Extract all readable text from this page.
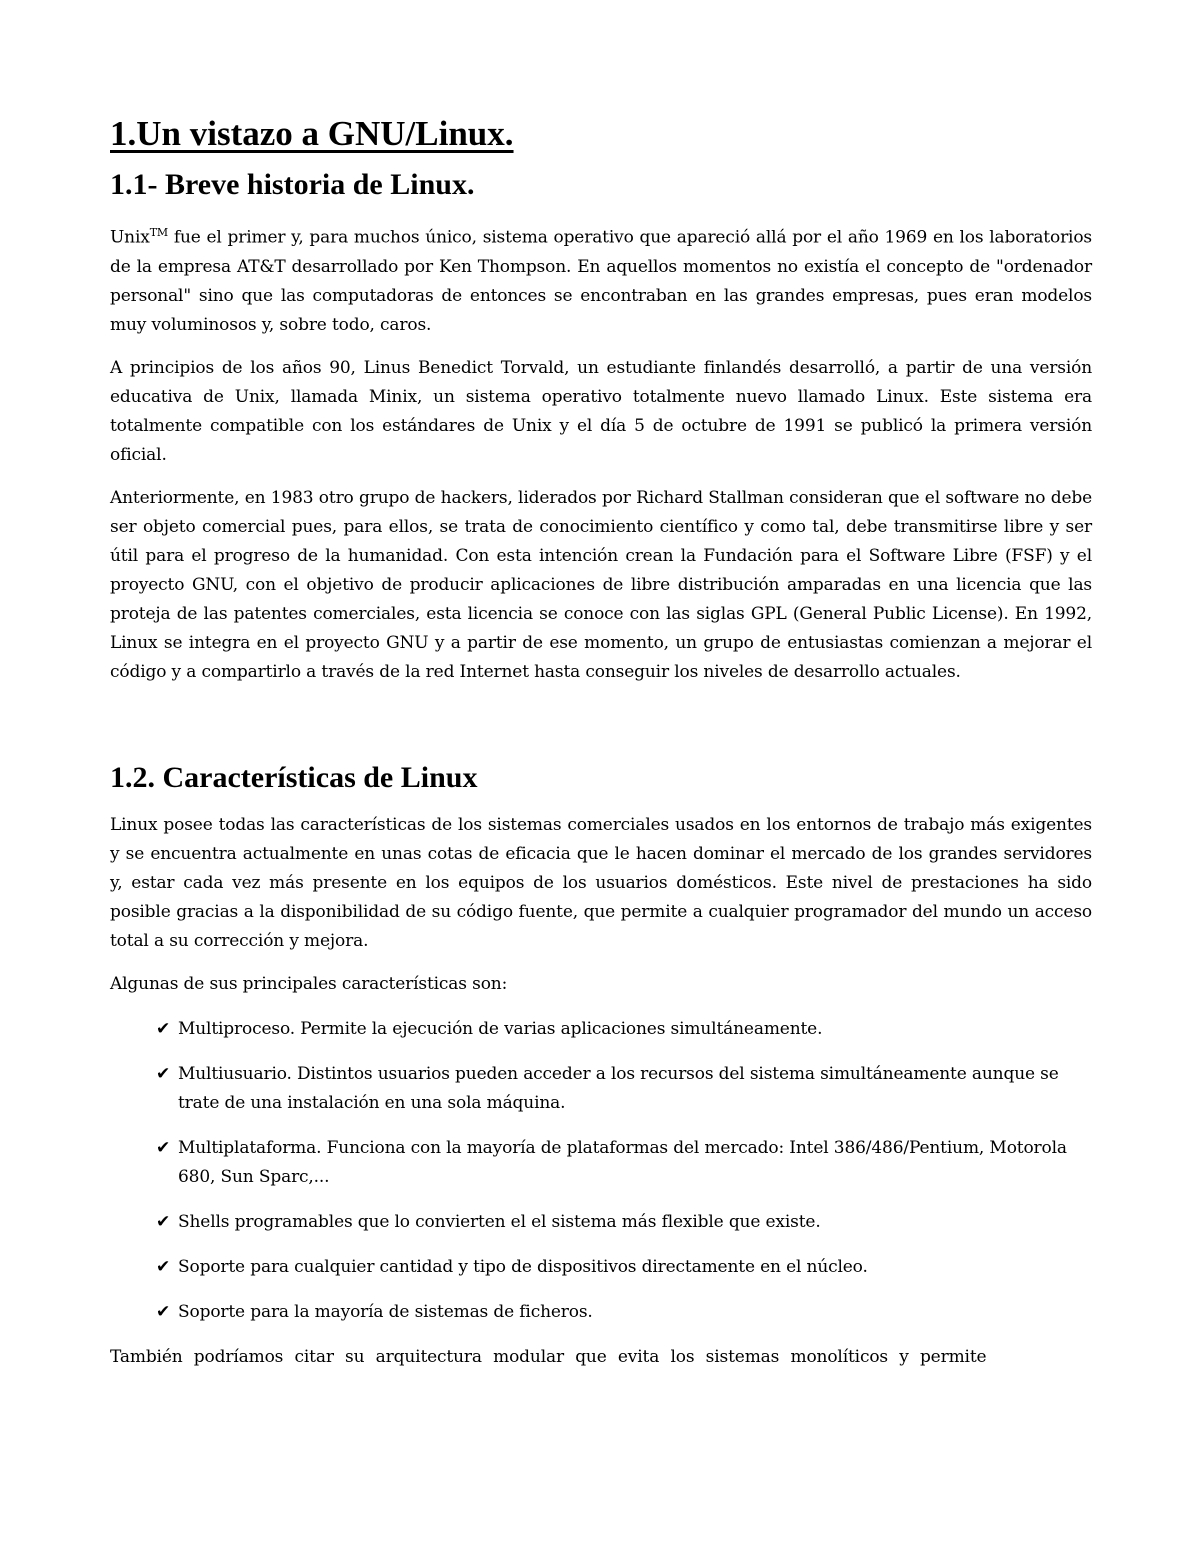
1.Un vistazo a GNU/Linux.
1.1- Breve historia de Linux.

Unix™ fue el primer y, para muchos único, sistema operativo que apareció allá por el año 1969 en los laboratorios de la empresa AT&T desarrollado por Ken Thompson. En aquellos momentos no existía el concepto de "ordenador personal" sino que las computadoras de entonces se encontraban en las grandes empresas, pues eran modelos muy voluminosos y, sobre todo, caros.

A principios de los años 90, Linus Benedict Torvald, un estudiante finlandés desarrolló, a partir de una versión educativa de Unix, llamada Minix, un sistema operativo totalmente nuevo llamado Linux. Este sistema era totalmente compatible con los estándares de Unix y el día 5 de octubre de 1991 se publicó la primera versión oficial.

Anteriormente, en 1983 otro grupo de hackers, liderados por Richard Stallman consideran que el software no debe ser objeto comercial pues, para ellos, se trata de conocimiento científico y como tal, debe transmitirse libre y ser útil para el progreso de la humanidad. Con esta intención crean la Fundación para el Software Libre (FSF) y el proyecto GNU, con el objetivo de producir aplicaciones de libre distribución amparadas en una licencia que las proteja de las patentes comerciales, esta licencia se conoce con las siglas GPL (General Public License). En 1992, Linux se integra en el proyecto GNU y a partir de ese momento, un grupo de entusiastas comienzan a mejorar el código y a compartirlo a través de la red Internet hasta conseguir los niveles de desarrollo actuales.

1.2. Características de Linux

Linux posee todas las características de los sistemas comerciales usados en los entornos de trabajo más exigentes y se encuentra actualmente en unas cotas de eficacia que le hacen dominar el mercado de los grandes servidores y, estar cada vez más presente en los equipos de los usuarios domésticos. Este nivel de prestaciones ha sido posible gracias a la disponibilidad de su código fuente, que permite a cualquier programador del mundo un acceso total a su corrección y mejora.

Algunas de sus principales características son:

✔ Multiproceso. Permite la ejecución de varias aplicaciones simultáneamente.
✔ Multiusuario. Distintos usuarios pueden acceder a los recursos del sistema simultáneamente aunque se trate de una instalación en una sola máquina.
✔ Multiplataforma. Funciona con la mayoría de plataformas del mercado: Intel 386/486/Pentium, Motorola 680, Sun Sparc,...
✔ Shells programables que lo convierten el el sistema más flexible que existe.
✔ Soporte para cualquier cantidad y tipo de dispositivos directamente en el núcleo.
✔ Soporte para la mayoría de sistemas de ficheros.

También podríamos citar su arquitectura modular que evita los sistemas monolíticos y permite
